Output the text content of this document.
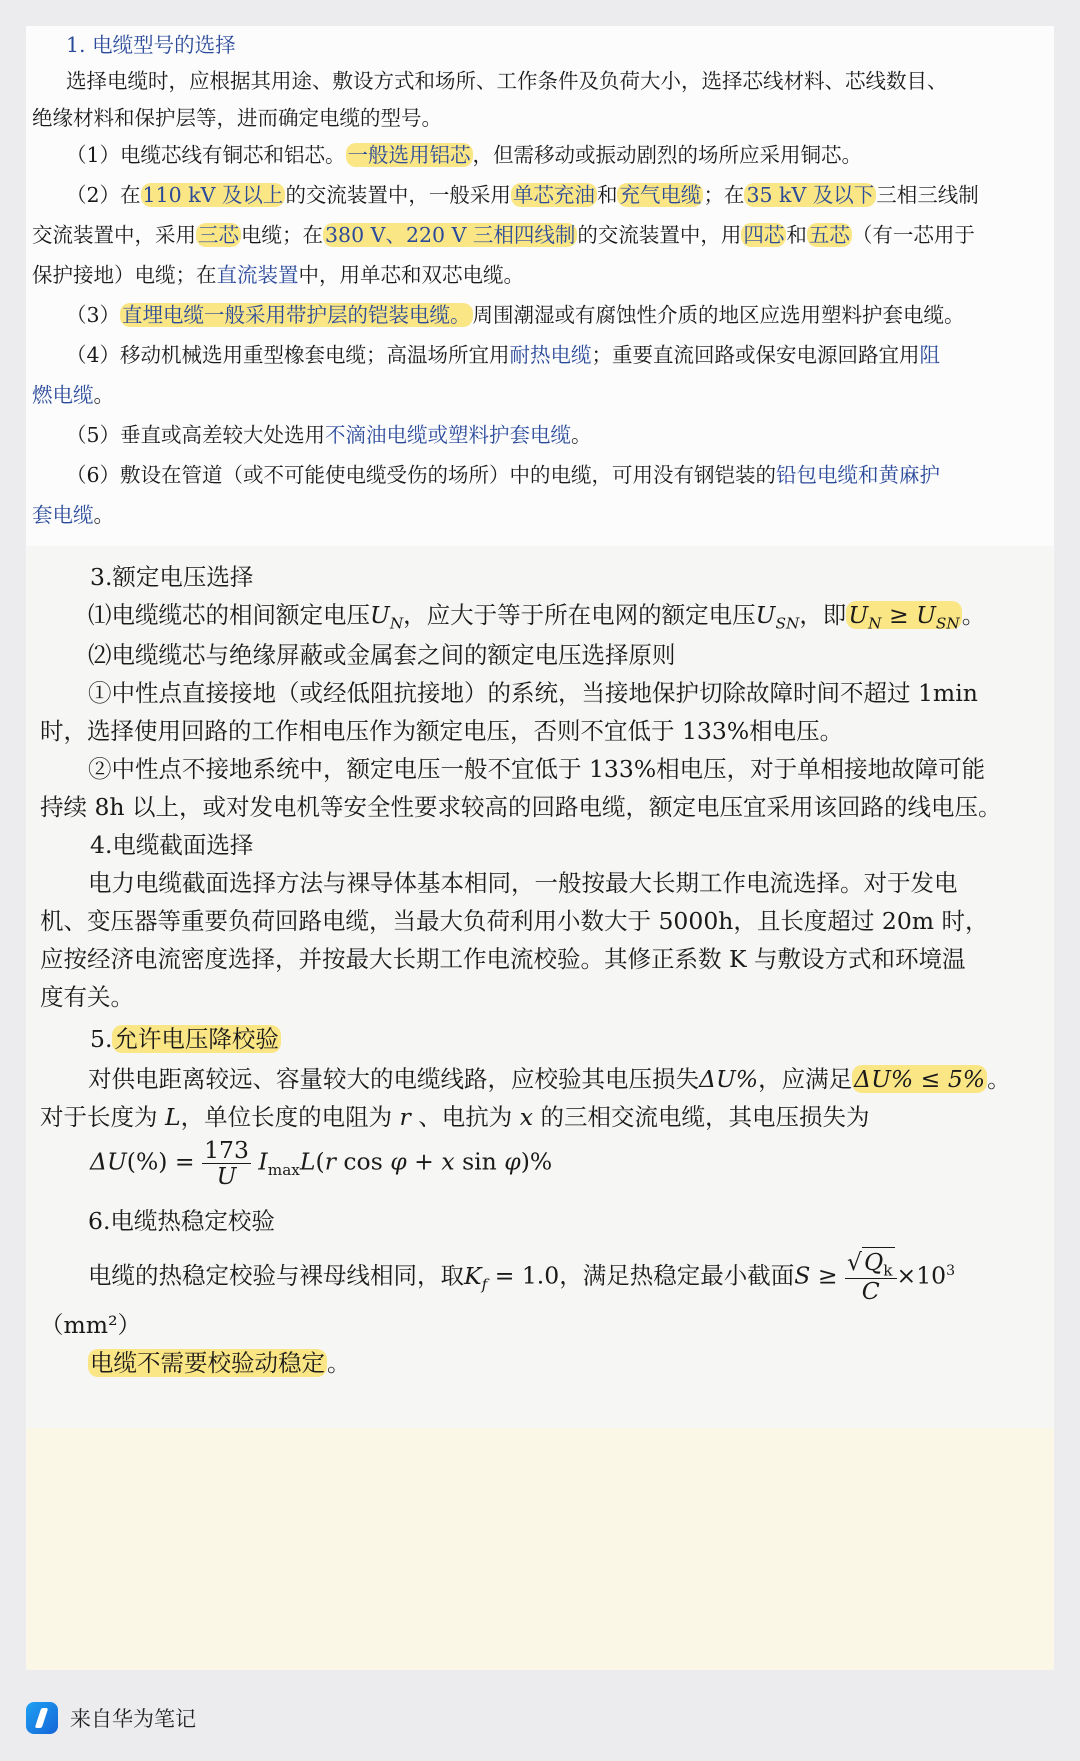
1. 电缆型号的选择
选择电缆时，应根据其用途、敷设方式和场所、工作条件及负荷大小，选择芯线材料、芯线数目、
绝缘材料和保护层等，进而确定电缆的型号。
（1）电缆芯线有铜芯和铝芯。一般选用铝芯，但需移动或振动剧烈的场所应采用铜芯。
（2）在110 kV 及以上的交流装置中，一般采用单芯充油和充气电缆；在35 kV 及以下三相三线制
交流装置中，采用三芯电缆；在380 V、220 V 三相四线制的交流装置中，用四芯和五芯（有一芯用于
保护接地）电缆；在直流装置中，用单芯和双芯电缆。
（3）直埋电缆一般采用带护层的铠装电缆。周围潮湿或有腐蚀性介质的地区应选用塑料护套电缆。
（4）移动机械选用重型橡套电缆；高温场所宜用耐热电缆；重要直流回路或保安电源回路宜用阻
燃电缆。
（5）垂直或高差较大处选用不滴油电缆或塑料护套电缆。
（6）敷设在管道（或不可能使电缆受伤的场所）中的电缆，可用没有钢铠装的铅包电缆和黄麻护
套电缆。
3.额定电压选择
⑴电缆缆芯的相间额定电压$U_N$，应大于等于所在电网的额定电压$U_{SN}$，即$U_N \ge U_{SN}$。
⑵电缆缆芯与绝缘屏蔽或金属套之间的额定电压选择原则
①中性点直接接地（或经低阻抗接地）的系统，当接地保护切除故障时间不超过 1min
时，选择使用回路的工作相电压作为额定电压，否则不宜低于 133%相电压。
②中性点不接地系统中，额定电压一般不宜低于 133%相电压，对于单相接地故障可能
持续 8h 以上，或对发电机等安全性要求较高的回路电缆，额定电压宜采用该回路的线电压。
4.电缆截面选择
电力电缆截面选择方法与裸导体基本相同，一般按最大长期工作电流选择。对于发电
机、变压器等重要负荷回路电缆，当最大负荷利用小数大于 5000h，且长度超过 20m 时，
应按经济电流密度选择，并按最大长期工作电流校验。其修正系数 K 与敷设方式和环境温
度有关。
5.允许电压降校验
对供电距离较远、容量较大的电缆线路，应校验其电压损失ΔU%，应满足ΔU% ≤ 5%。
对于长度为 L，单位长度的电阻为 r 、电抗为 x 的三相交流电缆，其电压损失为
$\Delta U(\%) = \frac{173}{U} I_{max}L(r$ cos φ + x sin φ)%
6.电缆热稳定校验
电缆的热稳定校验与裸母线相同，取$K_f = 1.0$，满足热稳定最小截面$S \ge \frac{√Q_k}{C} \times 10^3$
（mm²）
电缆不需要校验动稳定。
来自华为笔记
